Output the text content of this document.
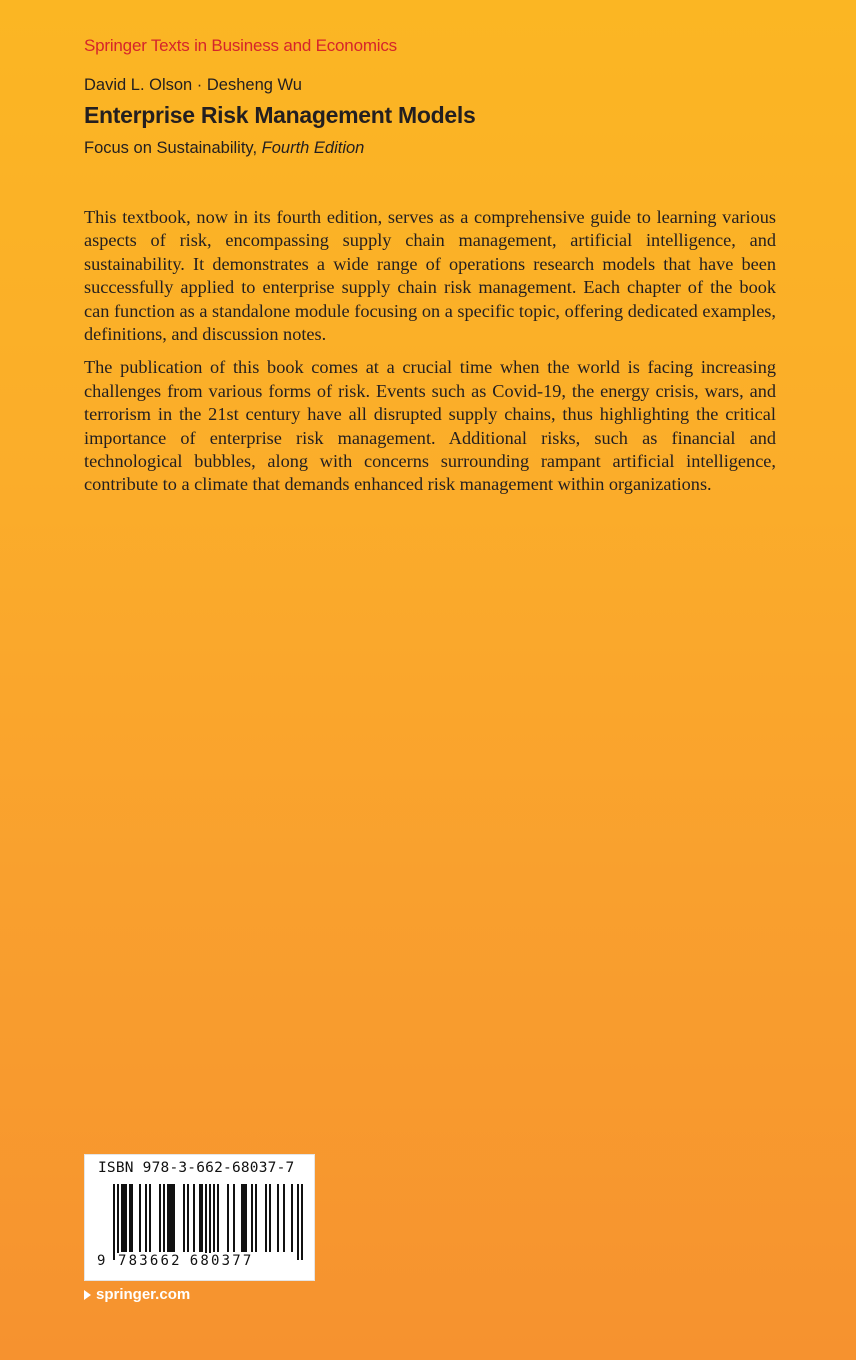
Springer Texts in Business and Economics
David L. Olson · Desheng Wu
Enterprise Risk Management Models
Focus on Sustainability, Fourth Edition

This textbook, now in its fourth edition, serves as a comprehensive guide to learning various aspects of risk, encompassing supply chain management, artificial intelligence, and sustainability. It demonstrates a wide range of operations research models that have been successfully applied to enterprise supply chain risk management. Each chapter of the book can function as a standalone module focusing on a specific topic, offering dedicated examples, definitions, and discussion notes.

The publication of this book comes at a crucial time when the world is facing increasing challenges from various forms of risk. Events such as Covid-19, the energy crisis, wars, and terrorism in the 21st century have all disrupted supply chains, thus highlighting the critical importance of enterprise risk management. Additional risks, such as financial and technological bubbles, along with concerns surrounding rampant artificial intelligence, contribute to a climate that demands enhanced risk management within organizations.

ISBN 978-3-662-68037-7
9 783662 680377
springer.com
